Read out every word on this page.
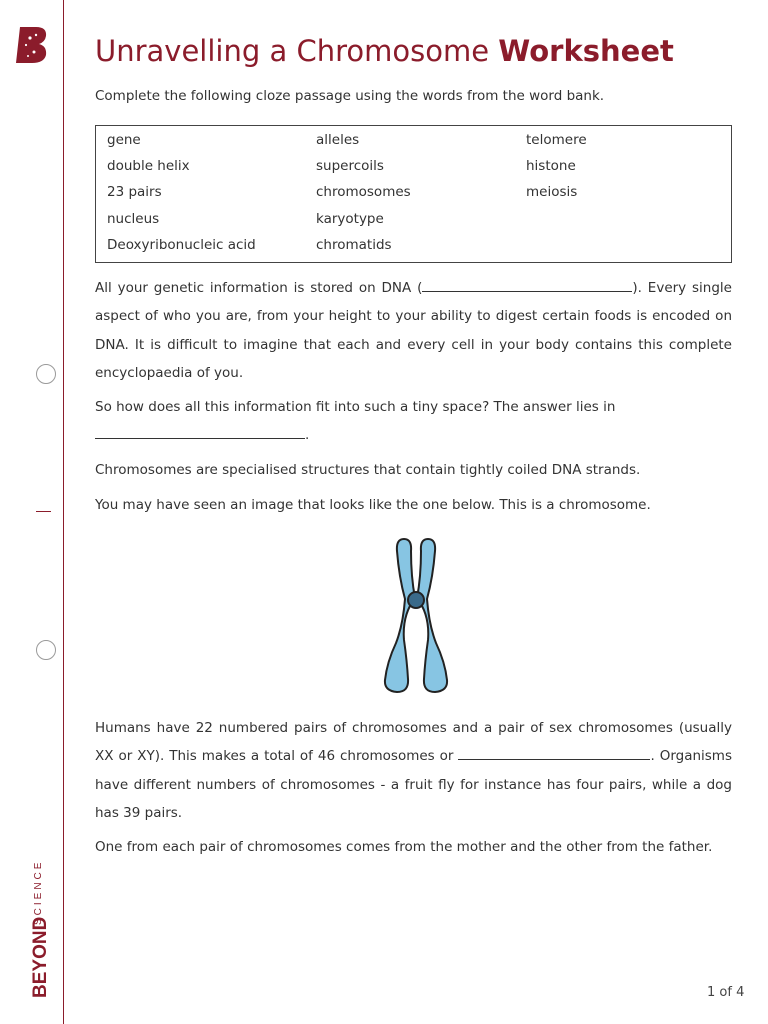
BEYOND
SCIENCE
Unravelling a Chromosome Worksheet

Complete the following cloze passage using the words from the word bank.

gene
double helix
23 pairs
nucleus
Deoxyribonucleic acid
alleles
supercoils
chromosomes
karyotype
chromatids
telomere
histone
meiosis

All your genetic information is stored on DNA (	). Every single aspect of who you are, from your height to your ability to digest certain foods is encoded on DNA. It is difficult to imagine that each and every cell in your body contains this complete encyclopaedia of you.

So how does all this information fit into such a tiny space? The answer lies in
.

Chromosomes are specialised structures that contain tightly coiled DNA strands.

You may have seen an image that looks like the one below. This is a chromosome.

Humans have 22 numbered pairs of chromosomes and a pair of sex chromosomes (usually XX or XY). This makes a total of 46 chromosomes or	. Organisms have different numbers of chromosomes - a fruit fly for instance has four pairs, while a dog has 39 pairs.

One from each pair of chromosomes comes from the mother and the other from the father.

1 of 4
